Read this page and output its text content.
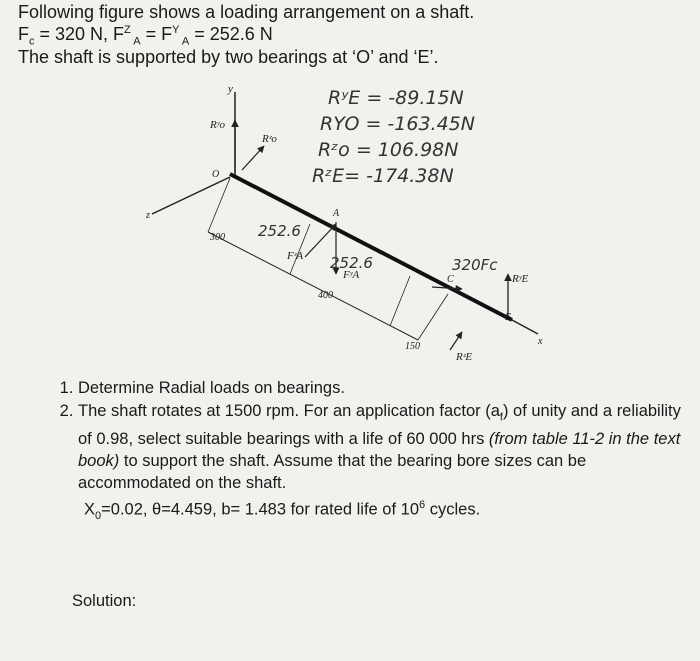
Following figure shows a loading arrangement on a shaft.
$F_c = 320$ N, $F^Z$ $_A = F^Y$ $_A$ = 252.6 N
The shaft is supported by two bearings at ‘O’ and ‘E’.
y
z
x
300
400
150
Rʸo
Rᶻo
O
A
FᶻA
FʸA	C	RʸE
E
RᶻE
RʸE = -89.15N
RYO = -163.45N
Rᶻo = 106.98N
RᶻE= -174.38N
252.6
252.6	320Fc
1. Determine Radial loads on bearings.
2. The shaft rotates at 1500 rpm. For an application factor $(a_f)$ of unity and a reliability of 0.98, select suitable bearings with a life of 60 000 hrs (from table 11-2 in the text book) to support the shaft. Assume that the bearing bore sizes can be accommodated on the shaft.
$X_0=0.02$, θ=4.459, b= 1.483 for rated life of $10^6$ cycles.
Solution:
